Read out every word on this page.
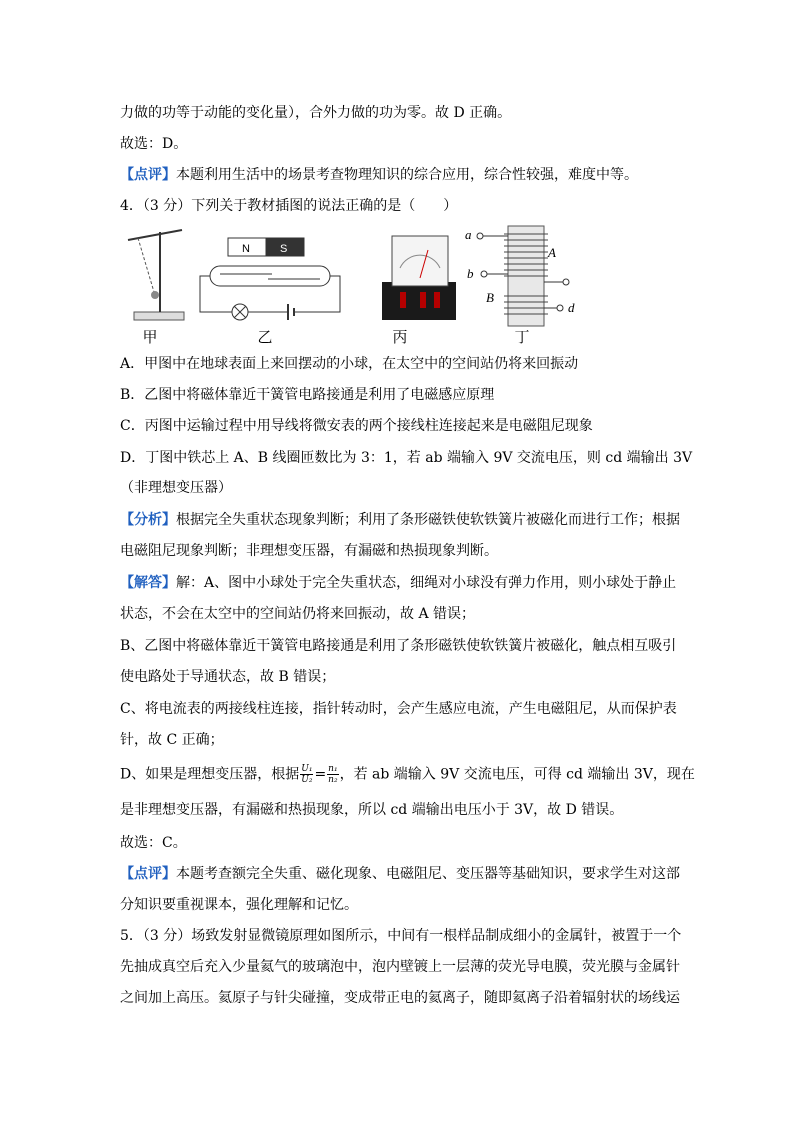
力做的功等于动能的变化量），合外力做的功为零。故 D 正确。
故选：D。
【点评】本题利用生活中的场景考查物理知识的综合应用，综合性较强，难度中等。
4．（3 分）下列关于教材插图的说法正确的是（　　）
a
b
A
B
d
N	S
甲	乙	丙	丁
A．甲图中在地球表面上来回摆动的小球，在太空中的空间站仍将来回振动
B．乙图中将磁体靠近干簧管电路接通是利用了电磁感应原理
C．丙图中运输过程中用导线将微安表的两个接线柱连接起来是电磁阻尼现象
D．丁图中铁芯上 A、B 线圈匝数比为 3：1，若 ab 端输入 9V 交流电压，则 cd 端输出 3V
（非理想变压器）
【分析】根据完全失重状态现象判断；利用了条形磁铁使软铁簧片被磁化而进行工作；根据
电磁阻尼现象判断；非理想变压器，有漏磁和热损现象判断。
【解答】解：A、图中小球处于完全失重状态，细绳对小球没有弹力作用，则小球处于静止
状态，不会在太空中的空间站仍将来回振动，故 A 错误；
B、乙图中将磁体靠近干簧管电路接通是利用了条形磁铁使软铁簧片被磁化，触点相互吸引
使电路处于导通状态，故 B 错误；
C、将电流表的两接线柱连接，指针转动时，会产生感应电流，产生电磁阻尼，从而保护表
针，故 C 正确；
D、如果是理想变压器，根据 $\frac{\text{U₁}}{\text{U₂}} = \frac{\text{n₁}}{\text{n₂}}$ ，若 ab 端输入 9V 交流电压，可得 cd 端输出 3V，现在
是非理想变压器，有漏磁和热损现象，所以 cd 端输出电压小于 3V，故 D 错误。
故选：C。
【点评】本题考查额完全失重、磁化现象、电磁阻尼、变压器等基础知识，要求学生对这部
分知识要重视课本，强化理解和记忆。
5．（3 分）场致发射显微镜原理如图所示，中间有一根样品制成细小的金属针，被置于一个
先抽成真空后充入少量氦气的玻璃泡中，泡内壁镀上一层薄的荧光导电膜，荧光膜与金属针
之间加上高压。氦原子与针尖碰撞，变成带正电的氦离子，随即氦离子沿着辐射状的场线运
